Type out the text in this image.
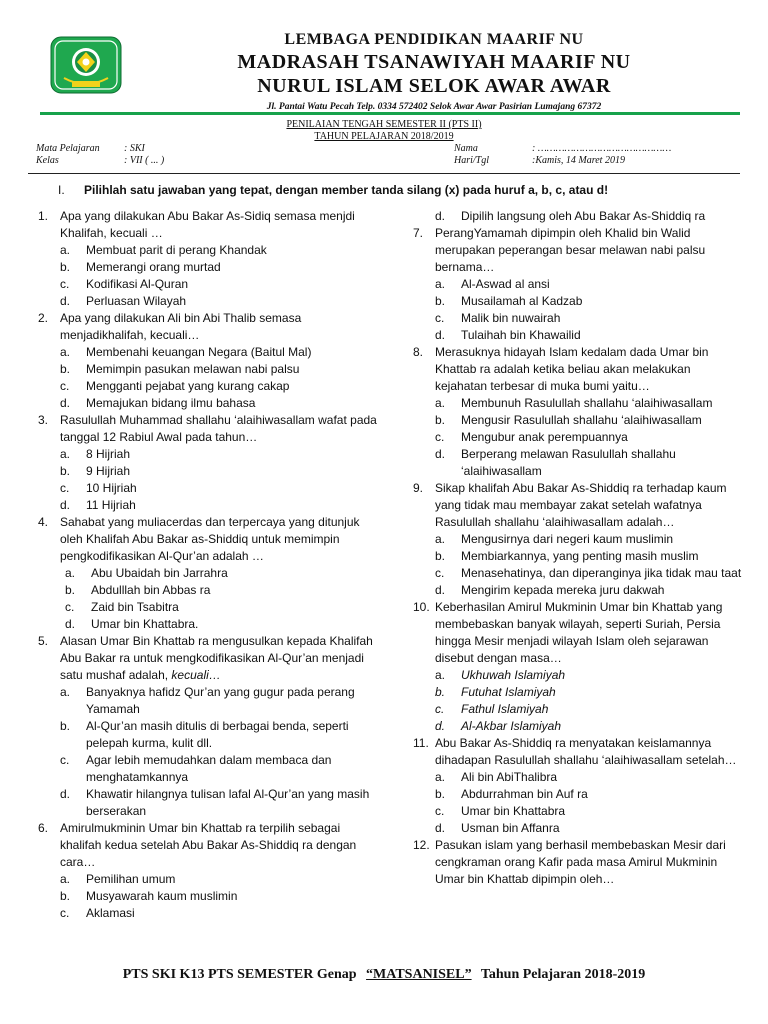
LEMBAGA PENDIDIKAN MAARIF NU
MADRASAH TSANAWIYAH MAARIF NU
NURUL ISLAM SELOK AWAR AWAR
Jl. Pantai Watu Pecah Telp. 0334 572402 Selok Awar Awar Pasirian Lumajang 67372
PENILAIAN TENGAH SEMESTER II (PTS II)
TAHUN PELAJARAN 2018/2019
Mata Pelajaran	: SKI
Kelas	: VII ( ... )
Nama	: ………………………………………
Hari/Tgl	:Kamis, 14 Maret 2019
I.	Pilihlah satu jawaban yang tepat, dengan member tanda silang (x) pada huruf a, b, c, atau d!
1. Apa yang dilakukan Abu Bakar As-Sidiq semasa menjdi Khalifah, kecuali …
a.	Membuat parit di perang Khandak
b.	Memerangi orang murtad
c.	Kodifikasi Al-Quran
d.	Perluasan Wilayah
2. Apa yang dilakukan Ali bin Abi Thalib semasa menjadikhalifah, kecuali…
a.	Membenahi keuangan Negara (Baitul Mal)
b.	Memimpin pasukan melawan nabi palsu
c.	Mengganti pejabat yang kurang cakap
d.	Memajukan bidang ilmu bahasa
3. Rasulullah Muhammad shallahu ‘alaihiwasallam wafat pada tanggal 12 Rabiul Awal pada tahun…
a.	8 Hijriah
b.	9 Hijriah
c.	10 Hijriah
d.	11 Hijriah
4. Sahabat yang muliacerdas dan terpercaya yang ditunjuk oleh Khalifah Abu Bakar as-Shiddiq untuk memimpin pengkodifikasikan Al-Qur’an adalah …
a.	Abu Ubaidah bin Jarrahra
b.	Abdulllah bin Abbas ra
c.	Zaid bin Tsabitra
d.	Umar bin Khattabra.
5. Alasan Umar Bin Khattab ra mengusulkan kepada Khalifah Abu Bakar ra untuk mengkodifikasikan Al-Qur’an menjadi satu mushaf adalah, kecuali…
a.	Banyaknya hafidz Qur’an yang gugur pada perang Yamamah
b.	Al-Qur’an masih ditulis di berbagai benda, seperti pelepah kurma, kulit dll.
c.	Agar lebih memudahkan dalam membaca dan menghatamkannya
d.	Khawatir hilangnya tulisan lafal Al-Qur’an yang masih berserakan
6. Amirulmukminin Umar bin Khattab ra terpilih sebagai khalifah kedua setelah Abu Bakar As-Shiddiq ra dengan cara…
a.	Pemilihan umum
b.	Musyawarah kaum muslimin
c.	Aklamasi
d.	Dipilih langsung oleh Abu Bakar As-Shiddiq ra
7. PerangYamamah dipimpin oleh Khalid bin Walid merupakan peperangan besar melawan nabi palsu bernama…
a.	Al-Aswad al ansi
b.	Musailamah al Kadzab
c.	Malik bin nuwairah
d.	Tulaihah bin Khawailid
8. Merasuknya hidayah Islam kedalam dada Umar bin Khattab ra adalah ketika beliau akan melakukan kejahatan terbesar di muka bumi yaitu…
a.	Membunuh Rasulullah shallahu ‘alaihiwasallam
b.	Mengusir Rasulullah shallahu ‘alaihiwasallam
c.	Mengubur anak perempuannya
d.	Berperang melawan Rasulullah shallahu ‘alaihiwasallam
9. Sikap khalifah Abu Bakar As-Shiddiq ra terhadap kaum yang tidak mau membayar zakat setelah wafatnya Rasulullah shallahu ‘alaihiwasallam adalah…
a.	Mengusirnya dari negeri kaum muslimin
b.	Membiarkannya, yang penting masih muslim
c.	Menasehatinya, dan diperanginya jika tidak mau taat
d.	Mengirim kepada mereka juru dakwah
10. Keberhasilan Amirul Mukminin Umar bin Khattab yang membebaskan banyak wilayah, seperti Suriah, Persia hingga Mesir menjadi wilayah Islam oleh sejarawan disebut dengan masa…
a.	Ukhuwah Islamiyah
b.	Futuhat Islamiyah
c.	Fathul Islamiyah
d.	Al-Akbar Islamiyah
11. Abu Bakar As-Shiddiq ra menyatakan keislamannya dihadapan Rasulullah shallahu ‘alaihiwasallam setelah…
a.	Ali bin AbiThalibra
b.	Abdurrahman bin Auf ra
c.	Umar bin Khattabra
d.	Usman bin Affanra
12. Pasukan islam yang berhasil membebaskan Mesir dari cengkraman orang Kafir pada masa Amirul Mukminin Umar bin Khattab dipimpin oleh…
PTS SKI K13 PTS SEMESTER Genap “MATSANISEL” Tahun Pelajaran 2018-2019
